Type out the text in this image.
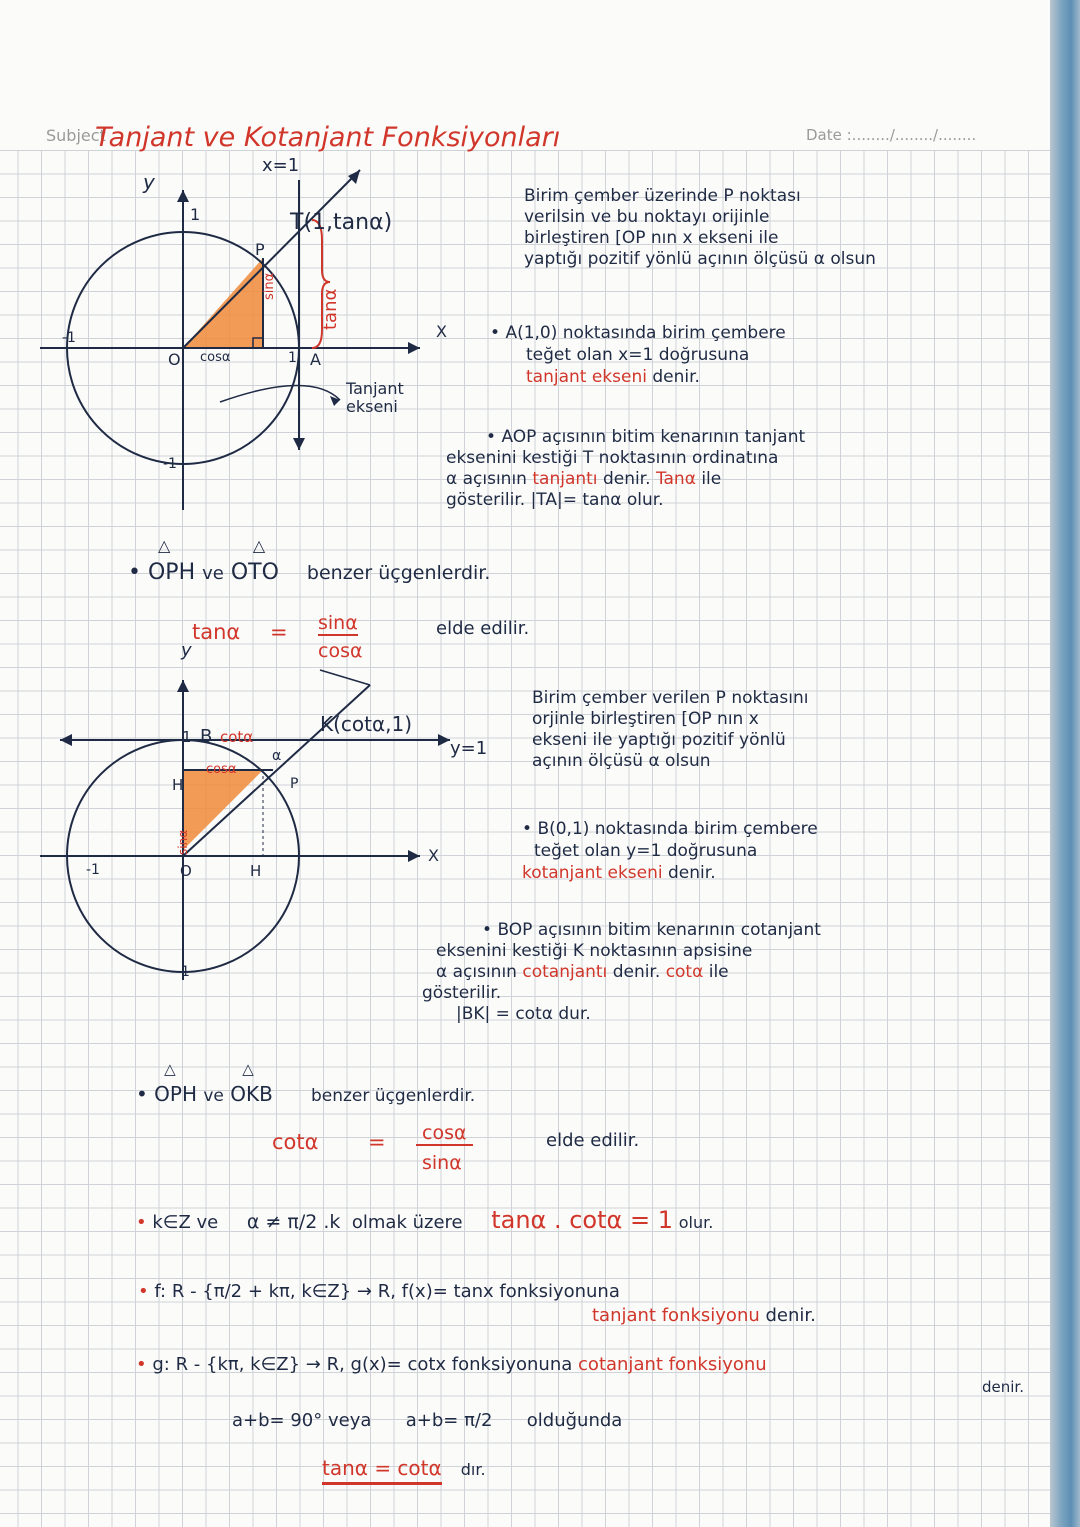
Subject	Date :......../......../........
Tanjant ve Kotanjant Fonksiyonları
y
x=1
1	T(1,tanα)
P
sinα
tanα
cosα
O	A
1
X
-1
-1
Tanjant ekseni
Birim çember üzerinde P noktası
verilsin ve bu noktayı orijinle
birleştiren [OP nın x ekseni ile
yaptığı pozitif yönlü açının ölçüsü α olsun
• A(1,0) noktasında birim çembere
teğet olan x=1 doğrusuna
tanjant ekseni denir.
• AOP açısının bitim kenarının tanjant
eksenini kestiği T noktasının ordinatına
α açısının tanjantı denir. Tanα ile
gösterilir. |TA|= tanα olur.
•
△
OPH ve
△
OTO benzer üçgenlerdir.
tanα = sinα
cosα
elde edilir.
y
1 B cotα
cosα
α
K(cotα,1)
y=1
H	P
sinα
O	H
X
-1
-1
Birim çember verilen P noktasını
orjinle birleştiren [OP nın x
ekseni ile yaptığı pozitif yönlü
açının ölçüsü α olsun
• B(0,1) noktasında birim çembere
teğet olan y=1 doğrusuna
kotanjant ekseni denir.
• BOP açısının bitim kenarının cotanjant
eksenini kestiği K noktasının apsisine
α açısının cotanjantı denir. cotα ile
gösterilir.
|BK| = cotα dur.
•
△
OPH ve
△
OKB benzer üçgenlerdir.
cotα =	cosα
sinα
elde edilir.
• k∈Z ve α ≠ π/2 .k olmak üzere tanα . cotα = 1 olur.
• f: R - {π/2 + kπ, k∈Z} → R, f(x)= tanx fonksiyonuna
tanjant fonksiyonu denir.
• g: R - {kπ, k∈Z} → R, g(x)= cotx fonksiyonuna cotanjant fonksiyonu
denir.
a+b= 90° veya a+b= π/2 olduğunda
tanα = cotα dır.
